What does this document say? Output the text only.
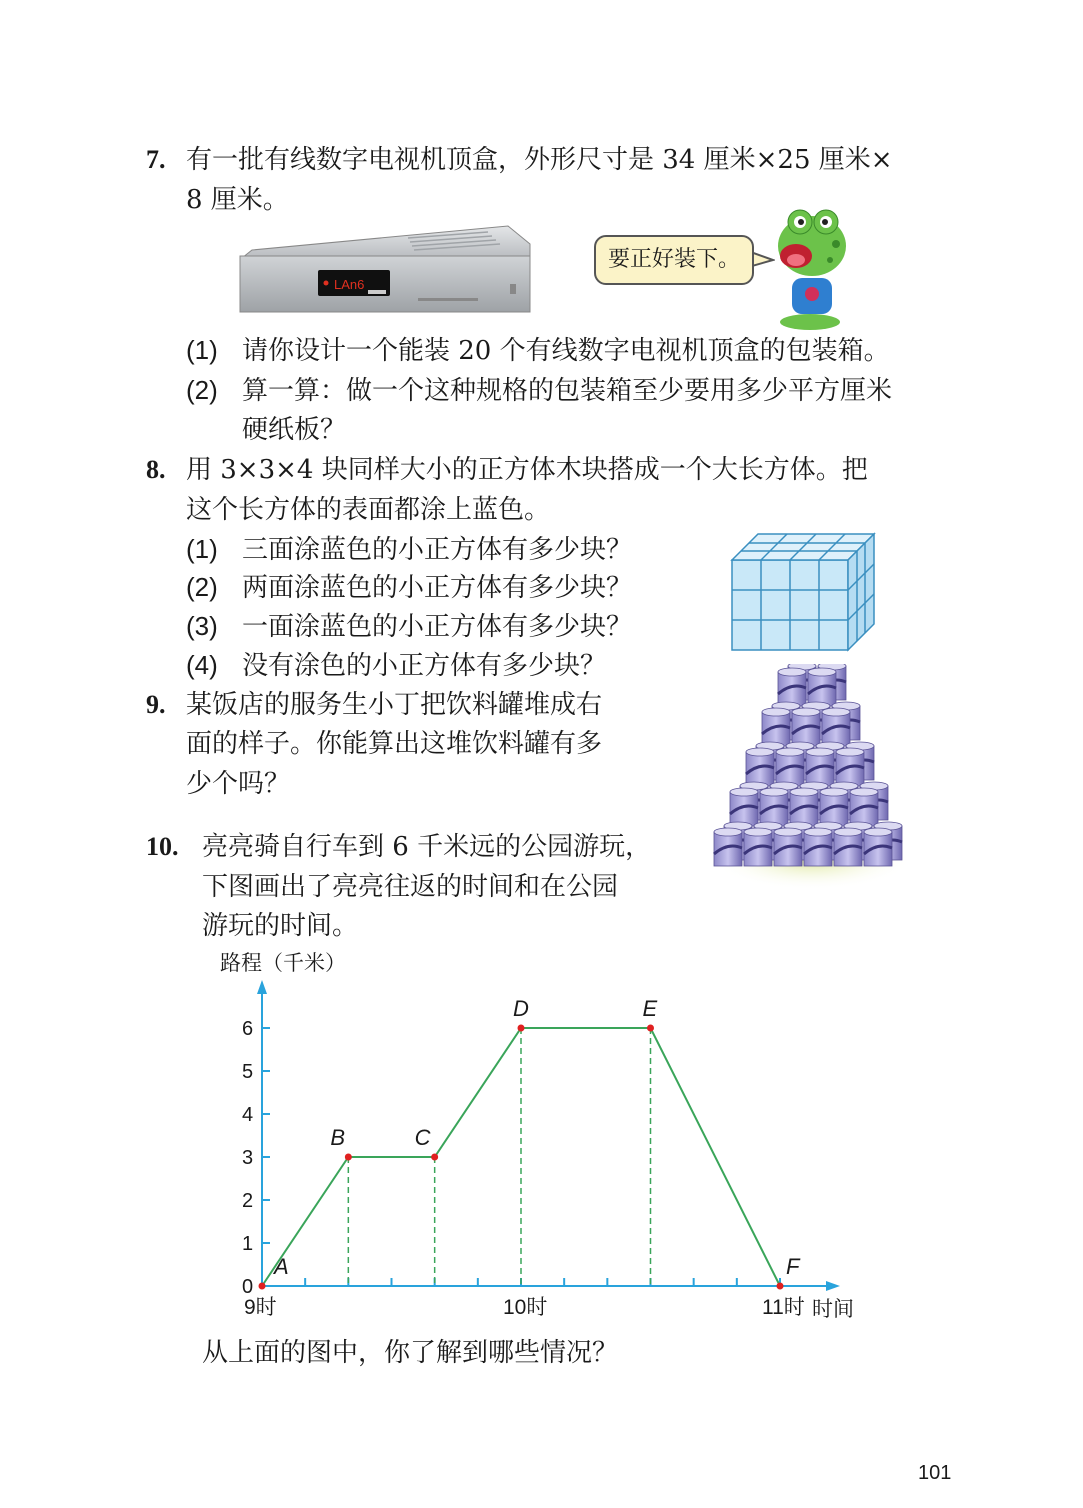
7. 有一批有线数字电视机顶盒，外形尺寸是 34 厘米×25 厘米×
8 厘米。
LAn6
要正好装下。
(1) 请你设计一个能装 20 个有线数字电视机顶盒的包装箱。
(2) 算一算：做一个这种规格的包装箱至少要用多少平方厘米
硬纸板？
8. 用 3×3×4 块同样大小的正方体木块搭成一个大长方体。把
这个长方体的表面都涂上蓝色。
(1) 三面涂蓝色的小正方体有多少块？
(2) 两面涂蓝色的小正方体有多少块？
(3) 一面涂蓝色的小正方体有多少块？
(4) 没有涂色的小正方体有多少块？
9. 某饭店的服务生小丁把饮料罐堆成右
面的样子。你能算出这堆饮料罐有多
少个吗？
10. 亮亮骑自行车到 6 千米远的公园游玩，
下图画出了亮亮往返的时间和在公园
游玩的时间。
路程（千米）
时间
0
1
2
3
4
5
6
9时	10时	11时
A
B	C
D	E
F
从上面的图中，你了解到哪些情况？
101
